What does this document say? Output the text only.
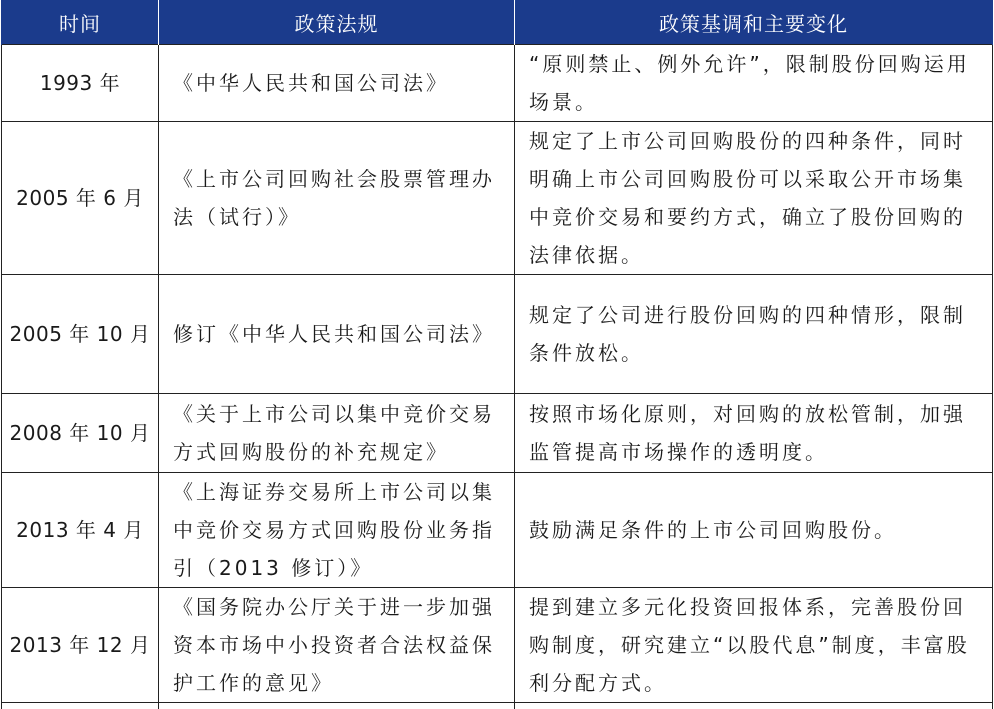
时间	政策法规	政策基调和主要变化
1993 年	《中华人民共和国公司法》	“原则禁止、例外允许”，限制股份回购运用场景。
2005 年 6 月	《上市公司回购社会股票管理办法（试行）》	规定了上市公司回购股份的四种条件，同时明确上市公司回购股份可以采取公开市场集中竞价交易和要约方式，确立了股份回购的法律依据。
2005 年 10 月	修订《中华人民共和国公司法》	规定了公司进行股份回购的四种情形，限制条件放松。
2008 年 10 月	《关于上市公司以集中竞价交易方式回购股份的补充规定》	按照市场化原则，对回购的放松管制，加强监管提高市场操作的透明度。
2013 年 4 月	《上海证券交易所上市公司以集中竞价交易方式回购股份业务指引（2013 修订）》	鼓励满足条件的上市公司回购股份。
2013 年 12 月	《国务院办公厅关于进一步加强资本市场中小投资者合法权益保护工作的意见》	提到建立多元化投资回报体系，完善股份回购制度，研究建立“以股代息”制度，丰富股利分配方式。
